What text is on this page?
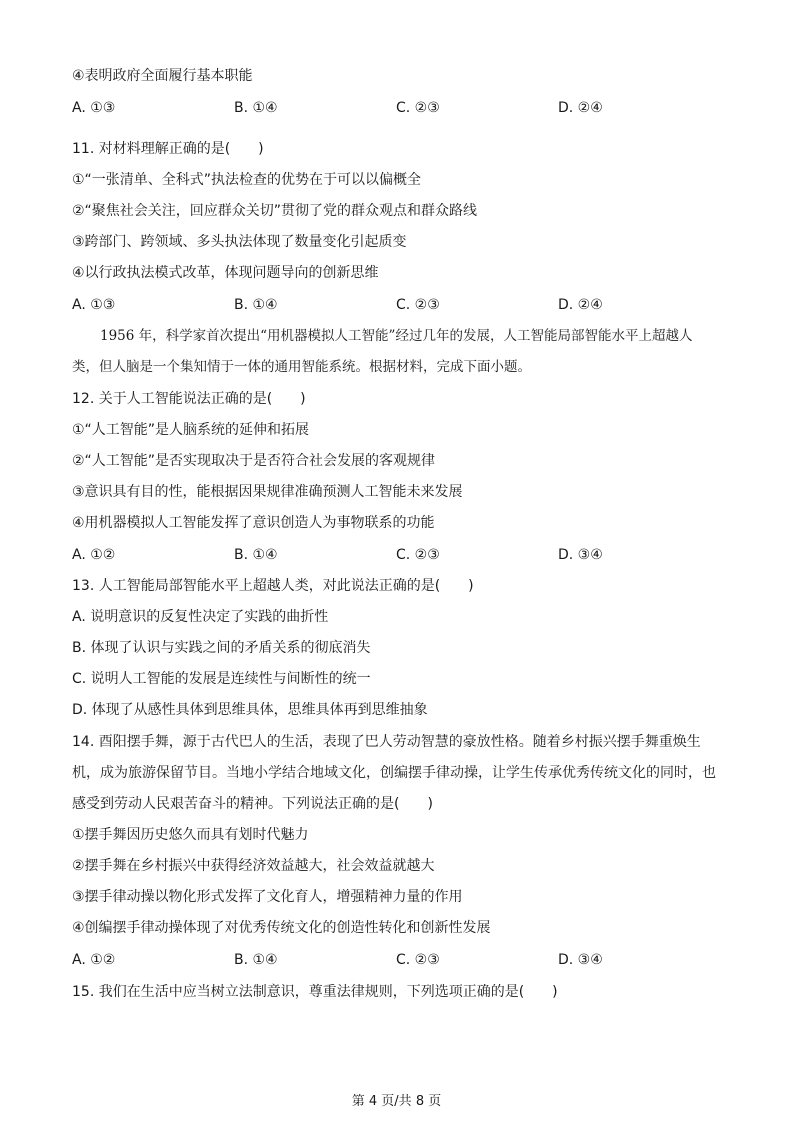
④表明政府全面履行基本职能
A. ①③	B. ①④	C. ②③	D. ②④
11. 对材料理解正确的是(　　)
①“一张清单、全科式”执法检查的优势在于可以以偏概全
②“聚焦社会关注，回应群众关切”贯彻了党的群众观点和群众路线
③跨部门、跨领域、多头执法体现了数量变化引起质变
④以行政执法模式改革，体现问题导向的创新思维
A. ①③	B. ①④	C. ②③	D. ②④
1956 年，科学家首次提出“用机器模拟人工智能”经过几年的发展，人工智能局部智能水平上超越人
类，但人脑是一个集知情于一体的通用智能系统。根据材料，完成下面小题。
12. 关于人工智能说法正确的是(　　)
①“人工智能”是人脑系统的延伸和拓展
②“人工智能”是否实现取决于是否符合社会发展的客观规律
③意识具有目的性，能根据因果规律准确预测人工智能未来发展
④用机器模拟人工智能发挥了意识创造人为事物联系的功能
A. ①②	B. ①④	C. ②③	D. ③④
13. 人工智能局部智能水平上超越人类，对此说法正确的是(　　)
A. 说明意识的反复性决定了实践的曲折性
B. 体现了认识与实践之间的矛盾关系的彻底消失
C. 说明人工智能的发展是连续性与间断性的统一
D. 体现了从感性具体到思维具体，思维具体再到思维抽象
14. 酉阳摆手舞，源于古代巴人的生活，表现了巴人劳动智慧的豪放性格。随着乡村振兴摆手舞重焕生
机，成为旅游保留节目。当地小学结合地域文化，创编摆手律动操，让学生传承优秀传统文化的同时，也
感受到劳动人民艰苦奋斗的精神。下列说法正确的是(　　)
①摆手舞因历史悠久而具有划时代魅力
②摆手舞在乡村振兴中获得经济效益越大，社会效益就越大
③摆手律动操以物化形式发挥了文化育人，增强精神力量的作用
④创编摆手律动操体现了对优秀传统文化的创造性转化和创新性发展
A. ①②	B. ①④	C. ②③	D. ③④
15. 我们在生活中应当树立法制意识，尊重法律规则，下列选项正确的是(　　)
第 4 页/共 8 页
